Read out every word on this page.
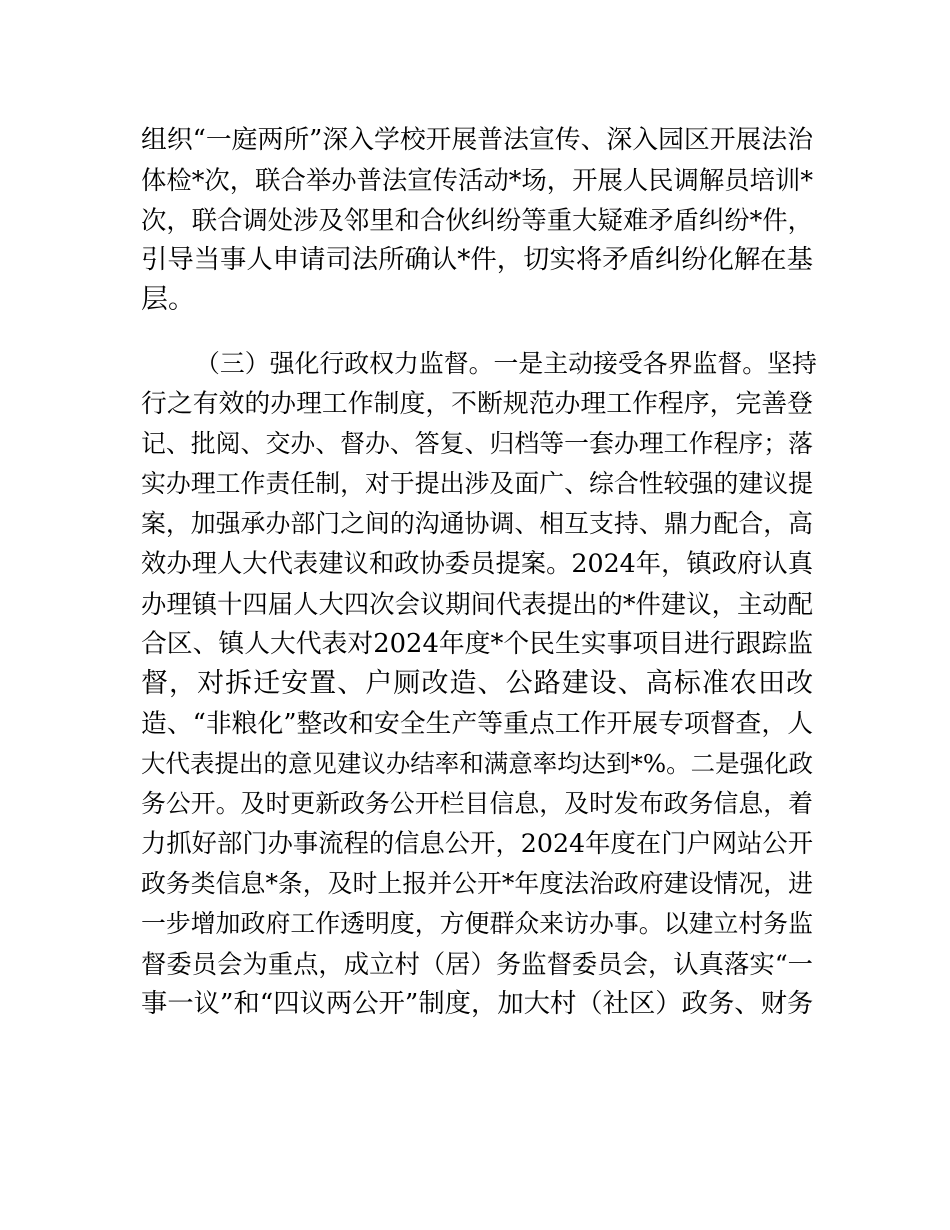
组织“一庭两所”深入学校开展普法宣传、深入园区开展法治
体检*次，联合举办普法宣传活动*场，开展人民调解员培训*
次，联合调处涉及邻里和合伙纠纷等重大疑难矛盾纠纷*件，
引导当事人申请司法所确认*件，切实将矛盾纠纷化解在基
层。
（三）强化行政权力监督。一是主动接受各界监督。坚持
行之有效的办理工作制度，不断规范办理工作程序，完善登
记、批阅、交办、督办、答复、归档等一套办理工作程序；落
实办理工作责任制，对于提出涉及面广、综合性较强的建议提
案，加强承办部门之间的沟通协调、相互支持、鼎力配合，高
效办理人大代表建议和政协委员提案。2024年，镇政府认真
办理镇十四届人大四次会议期间代表提出的*件建议，主动配
合区、镇人大代表对2024年度*个民生实事项目进行跟踪监
督，对拆迁安置、户厕改造、公路建设、高标准农田改
造、“非粮化”整改和安全生产等重点工作开展专项督查，人
大代表提出的意见建议办结率和满意率均达到*%。二是强化政
务公开。及时更新政务公开栏目信息，及时发布政务信息，着
力抓好部门办事流程的信息公开，2024年度在门户网站公开
政务类信息*条，及时上报并公开*年度法治政府建设情况，进
一步增加政府工作透明度，方便群众来访办事。以建立村务监
督委员会为重点，成立村（居）务监督委员会，认真落实“一
事一议”和“四议两公开”制度，加大村（社区）政务、财务
